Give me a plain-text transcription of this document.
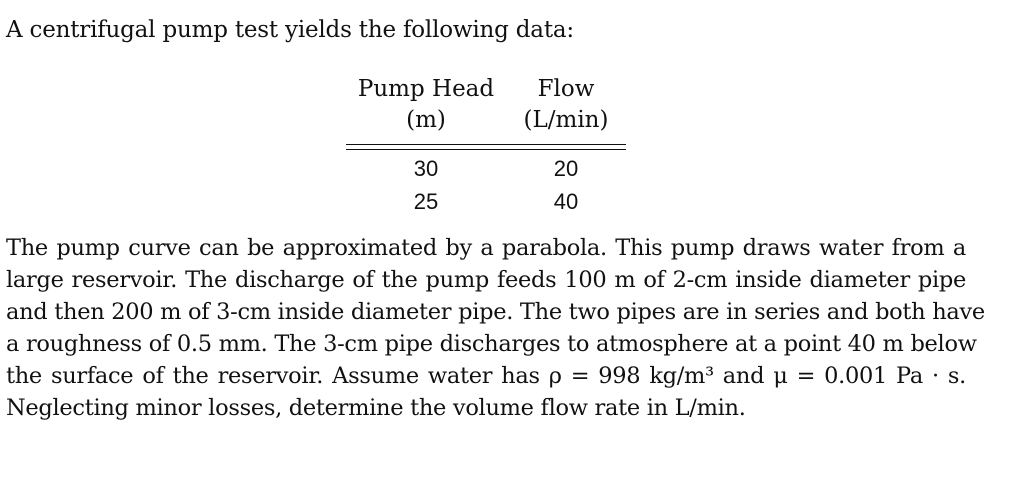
A centrifugal pump test yields the following data:
Pump Head
(m)
Flow
(L/min)
30	20
25	40
The pump curve can be approximated by a parabola. This pump draws water from a
large reservoir. The discharge of the pump feeds 100 m of 2-cm inside diameter pipe
and then 200 m of 3-cm inside diameter pipe. The two pipes are in series and both have
a roughness of 0.5 mm. The 3-cm pipe discharges to atmosphere at a point 40 m below
the surface of the reservoir. Assume water has ρ = 998 kg/m³ and μ = 0.001 Pa · s.
Neglecting minor losses, determine the volume flow rate in L/min.
